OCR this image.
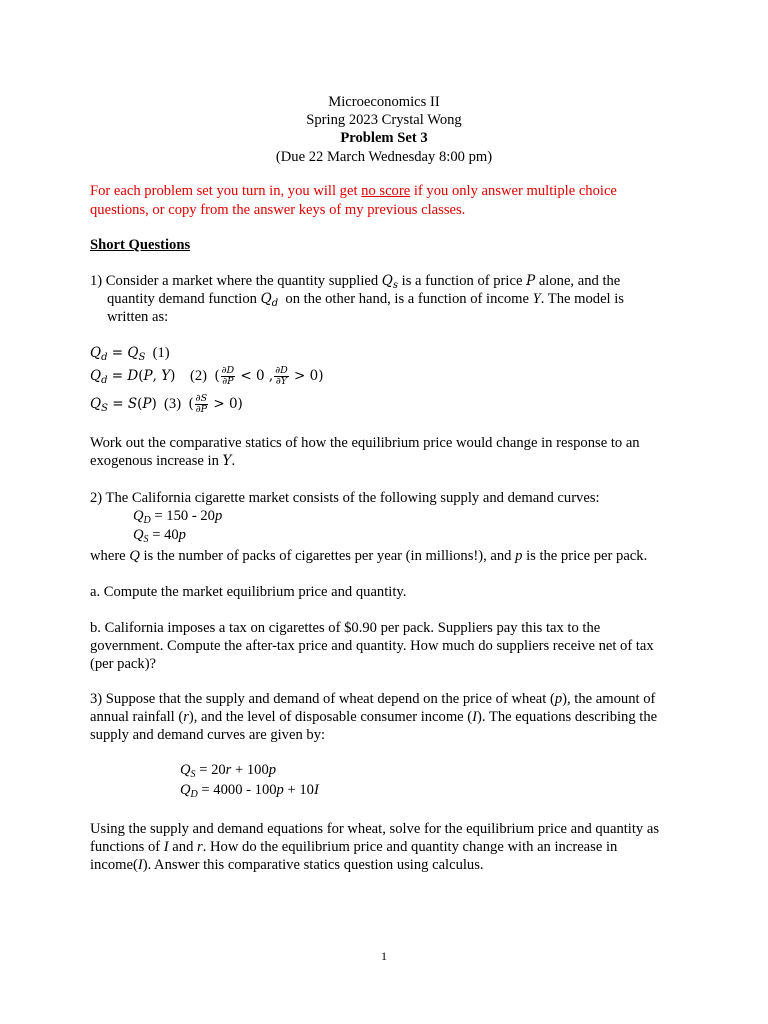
Microeconomics II
Spring 2023 Crystal Wong
Problem Set 3
(Due 22 March Wednesday 8:00 pm)
For each problem set you turn in, you will get no score if you only answer multiple choice
questions, or copy from the answer keys of my previous classes.
Short Questions
1) Consider a market where the quantity supplied $Q_s$ is a function of price P alone, and the
quantity demand function $Q_d$  on the other hand, is a function of income Y. The model is
written as:
$Q_d = Q_S$ (1)
$Q_d = D(P$, Y) (2) ( $\frac{\partial D}{\partial P} < 0$ , $\frac{\partial D}{\partial Y} > 0$)
$Q_S = S(P)$ (3) ( $\frac{\partial S}{\partial P} > 0$)
Work out the comparative statics of how the equilibrium price would change in response to an
exogenous increase in Y.
2) The California cigarette market consists of the following supply and demand curves:
$Q_D = 150 - 20p$
$Q_S = 40p$
where Q is the number of packs of cigarettes per year (in millions!), and p is the price per pack.
a. Compute the market equilibrium price and quantity.
b. California imposes a tax on cigarettes of $0.90 per pack. Suppliers pay this tax to the
government. Compute the after-tax price and quantity. How much do suppliers receive net of tax
(per pack)?
3) Suppose that the supply and demand of wheat depend on the price of wheat (p), the amount of
annual rainfall (r), and the level of disposable consumer income (I). The equations describing the
supply and demand curves are given by:
$Q_S = 20r + 100p$
$Q_D = 4000 - 100p + 10I$
Using the supply and demand equations for wheat, solve for the equilibrium price and quantity as
functions of I and r. How do the equilibrium price and quantity change with an increase in
income(I). Answer this comparative statics question using calculus.
1
